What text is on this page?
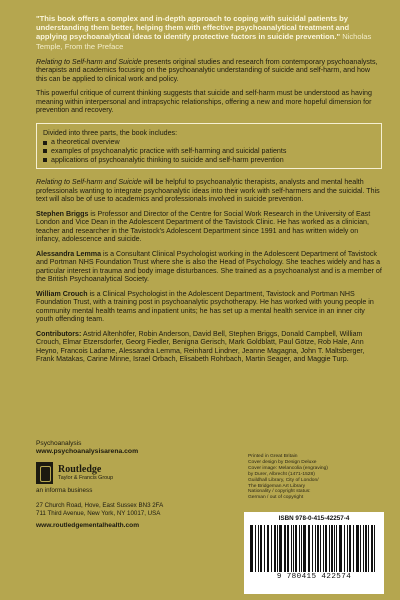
"This book offers a complex and in-depth approach to coping with suicidal patients by understanding them better, helping them with effective psychoanalytical treatment and applying psychoanalytical ideas to identify protective factors in suicide prevention." Nicholas Temple, From the Preface

Relating to Self-harm and Suicide presents original studies and research from contemporary psychoanalysts, therapists and academics focusing on the psychoanalytic understanding of suicide and self-harm, and how this can be applied to clinical work and policy.

This powerful critique of current thinking suggests that suicide and self-harm must be understood as having meaning within interpersonal and intrapsychic relationships, offering a new and more hopeful dimension for prevention and recovery.

Divided into three parts, the book includes:
a theoretical overview
examples of psychoanalytic practice with self-harming and suicidal patients
applications of psychoanalytic thinking to suicide and self-harm prevention

Relating to Self-harm and Suicide will be helpful to psychoanalytic therapists, analysts and mental health professionals wanting to integrate psychoanalytic ideas into their work with self-harmers and the suicidal. This text will also be of use to academics and professionals involved in suicide prevention.

Stephen Briggs is Professor and Director of the Centre for Social Work Research in the University of East London and Vice Dean in the Adolescent Department of the Tavistock Clinic. He has worked as a clinician, teacher and researcher in the Tavistock's Adolescent Department since 1991 and has written widely on infancy, adolescence and suicide.

Alessandra Lemma is a Consultant Clinical Psychologist working in the Adolescent Department of Tavistock and Portman NHS Foundation Trust where she is also the Head of Psychology. She teaches widely and has a particular interest in trauma and body image disturbances. She trained as a psychoanalyst and is a member of the British Psychoanalytical Society.

William Crouch is a Clinical Psychologist in the Adolescent Department, Tavistock and Portman NHS Foundation Trust, with a training post in psychoanalytic psychotherapy. He has worked with young people in community mental health teams and inpatient units; he has set up a mental health service in an inner city youth offending team.

Contributors: Astrid Altenhöfer, Robin Anderson, David Bell, Stephen Briggs, Donald Campbell, William Crouch, Elmar Etzersdorfer, Georg Fiedler, Benigna Gerisch, Mark Goldblatt, Paul Götze, Rob Hale, Ann Heyno, Francois Ladame, Alessandra Lemma, Reinhard Lindner, Jeanne Magagna, John T. Maltsberger, Frank Matakas, Carine Minne, Israel Orbach, Elisabeth Rohrbach, Martin Seager, and Maggie Turp.

Psychoanalysis
www.psychoanalysisarena.com
Routledge
Taylor & Francis Group
an informa business
27 Church Road, Hove, East Sussex BN3 2FA
711 Third Avenue, New York, NY 10017, USA
www.routledgementalhealth.com
Printed in Great Britain
Cover design by Design Deluxe
Cover image: Melancolia (engraving)
by Durer, Albrecht (1471-1528)
Guildhall Library, City of London/
The Bridgeman Art Library
Nationality / copyright status:
German / out of copyright
ISBN 978-0-415-42257-4
9 780415 422574
